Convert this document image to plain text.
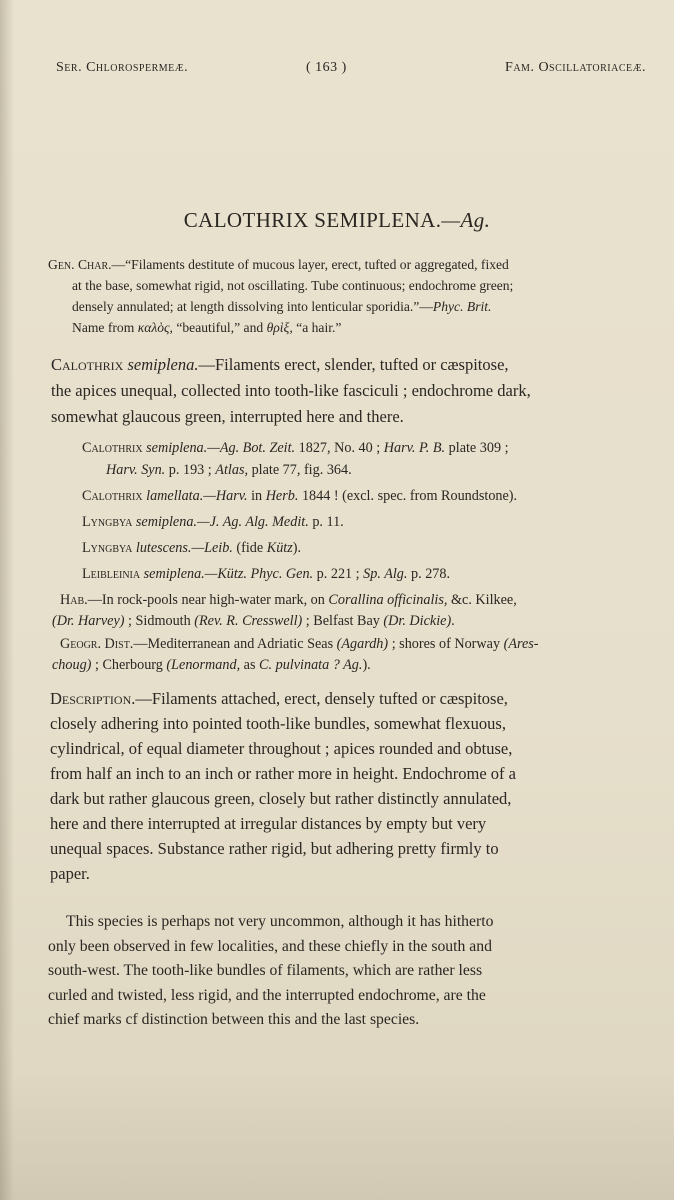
Ser. Chlorospermeæ.	( 163 )	Fam. Oscillatoriaceæ.
CALOTHRIX SEMIPLENA.—Ag.
Gen. Char.—“Filaments destitute of mucous layer, erect, tufted or aggregated, fixed
at the base, somewhat rigid, not oscillating. Tube continuous; endochrome green;
densely annulated; at length dissolving into lenticular sporidia.”—Phyc. Brit.
Name from καλὸς, “beautiful,” and θρὶξ, “a hair.”
Calothrix semiplena.—Filaments erect, slender, tufted or cæspitose,
the apices unequal, collected into tooth-like fasciculi ; endochrome dark,
somewhat glaucous green, interrupted here and there.
Calothrix semiplena.—Ag. Bot. Zeit. 1827, No. 40 ; Harv. P. B. plate 309 ;
Harv. Syn. p. 193 ; Atlas, plate 77, fig. 364.
Calothrix lamellata.—Harv. in Herb. 1844 ! (excl. spec. from Roundstone).
Lyngbya semiplena.—J. Ag. Alg. Medit. p. 11.
Lyngbya lutescens.—Leib. (fide Kütz).
Leibleinia semiplena.—Kütz. Phyc. Gen. p. 221 ; Sp. Alg. p. 278.
Hab.—In rock-pools near high-water mark, on Corallina officinalis, &c. Kilkee,
(Dr. Harvey) ; Sidmouth (Rev. R. Cresswell) ; Belfast Bay (Dr. Dickie).
Geogr. Dist.—Mediterranean and Adriatic Seas (Agardh) ; shores of Norway (Ares-
choug) ; Cherbourg (Lenormand, as C. pulvinata ? Ag.).
Description.—Filaments attached, erect, densely tufted or cæspitose,
closely adhering into pointed tooth-like bundles, somewhat flexuous,
cylindrical, of equal diameter throughout ; apices rounded and obtuse,
from half an inch to an inch or rather more in height. Endochrome of a
dark but rather glaucous green, closely but rather distinctly annulated,
here and there interrupted at irregular distances by empty but very
unequal spaces. Substance rather rigid, but adhering pretty firmly to
paper.
This species is perhaps not very uncommon, although it has hitherto
only been observed in few localities, and these chiefly in the south and
south-west. The tooth-like bundles of filaments, which are rather less
curled and twisted, less rigid, and the interrupted endochrome, are the
chief marks cf distinction between this and the last species.
